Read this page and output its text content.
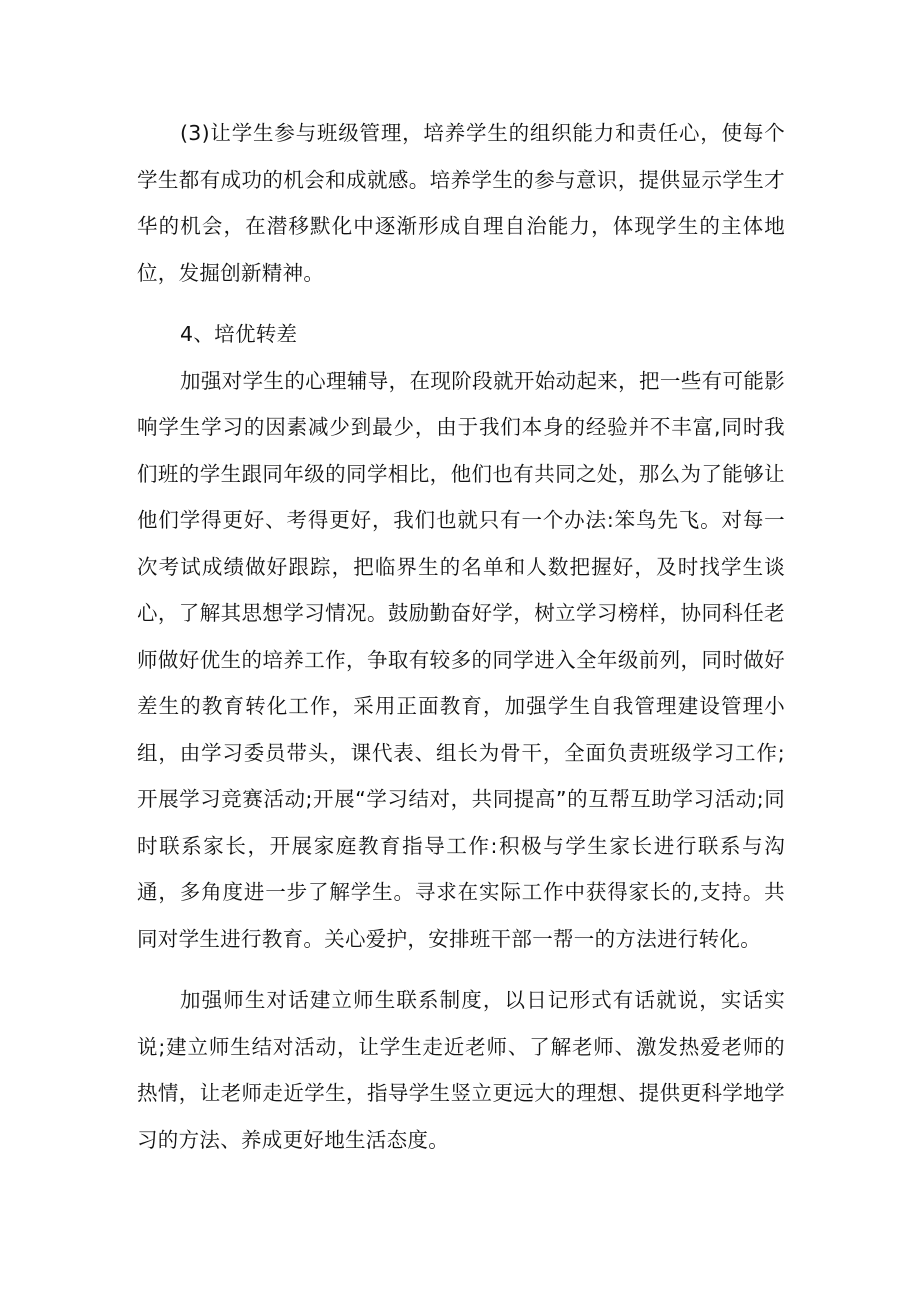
(3)让学生参与班级管理，培养学生的组织能力和责任心，使每个学生都有成功的机会和成就感。培养学生的参与意识，提供显示学生才华的机会，在潜移默化中逐渐形成自理自治能力，体现学生的主体地位，发掘创新精神。

4、培优转差

加强对学生的心理辅导，在现阶段就开始动起来，把一些有可能影响学生学习的因素减少到最少，由于我们本身的经验并不丰富,同时我们班的学生跟同年级的同学相比，他们也有共同之处，那么为了能够让他们学得更好、考得更好，我们也就只有一个办法:笨鸟先飞。对每一次考试成绩做好跟踪，把临界生的名单和人数把握好，及时找学生谈心，了解其思想学习情况。鼓励勤奋好学，树立学习榜样，协同科任老师做好优生的培养工作，争取有较多的同学进入全年级前列，同时做好差生的教育转化工作，采用正面教育，加强学生自我管理建设管理小组，由学习委员带头，课代表、组长为骨干，全面负责班级学习工作;开展学习竞赛活动;开展“学习结对，共同提高”的互帮互助学习活动;同时联系家长，开展家庭教育指导工作:积极与学生家长进行联系与沟通，多角度进一步了解学生。寻求在实际工作中获得家长的,支持。共同对学生进行教育。关心爱护，安排班干部一帮一的方法进行转化。

加强师生对话建立师生联系制度，以日记形式有话就说，实话实说;建立师生结对活动，让学生走近老师、了解老师、激发热爱老师的热情，让老师走近学生，指导学生竖立更远大的理想、提供更科学地学习的方法、养成更好地生活态度。
